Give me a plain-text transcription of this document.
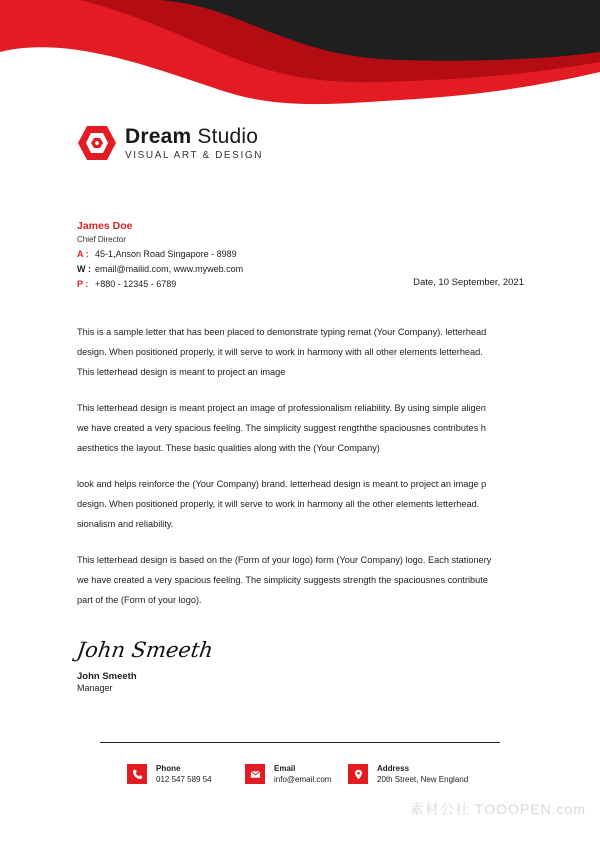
Dream Studio
VISUAL ART & DESIGN
James Doe
Chief Director
A : 45-1,Anson Road Singapore - 8989
W : email@mailid.com, www.myweb.com
P : +880 - 12345 - 6789	Date, 10 September, 2021

This is a sample letter that has been placed to demonstrate typing remat (Your Company). letterhead
design. When positioned properly, it will serve to work in harmony with all other elements letterhead.
This letterhead design is meant to project an image

This letterhead design is meant project an image of professionalism reliability. By using simple aligen
we have created a very spacious feeling. The simplicity suggest rengththe spaciousnes contributes h
aesthetics the layout. These basic qualities along with the (Your Company)

look and helps reinforce the (Your Company) brand. letterhead design is meant to project an image p
design. When positioned properly, it will serve to work in harmony all the other elements letterhead.
sionalism and reliability.

This letterhead design is based on the (Form of your logo) form (Your Company) logo. Each stationery
we have created a very spacious feeling. The simplicity suggests strength the spaciousnes contribute
part of the (Form of your logo).

John Smeeth
John Smeeth
Manager
Phone
012 547 589 54
Email
info@email.com
Address
20th Street, New England
素材公社 TOOOPEN.com
